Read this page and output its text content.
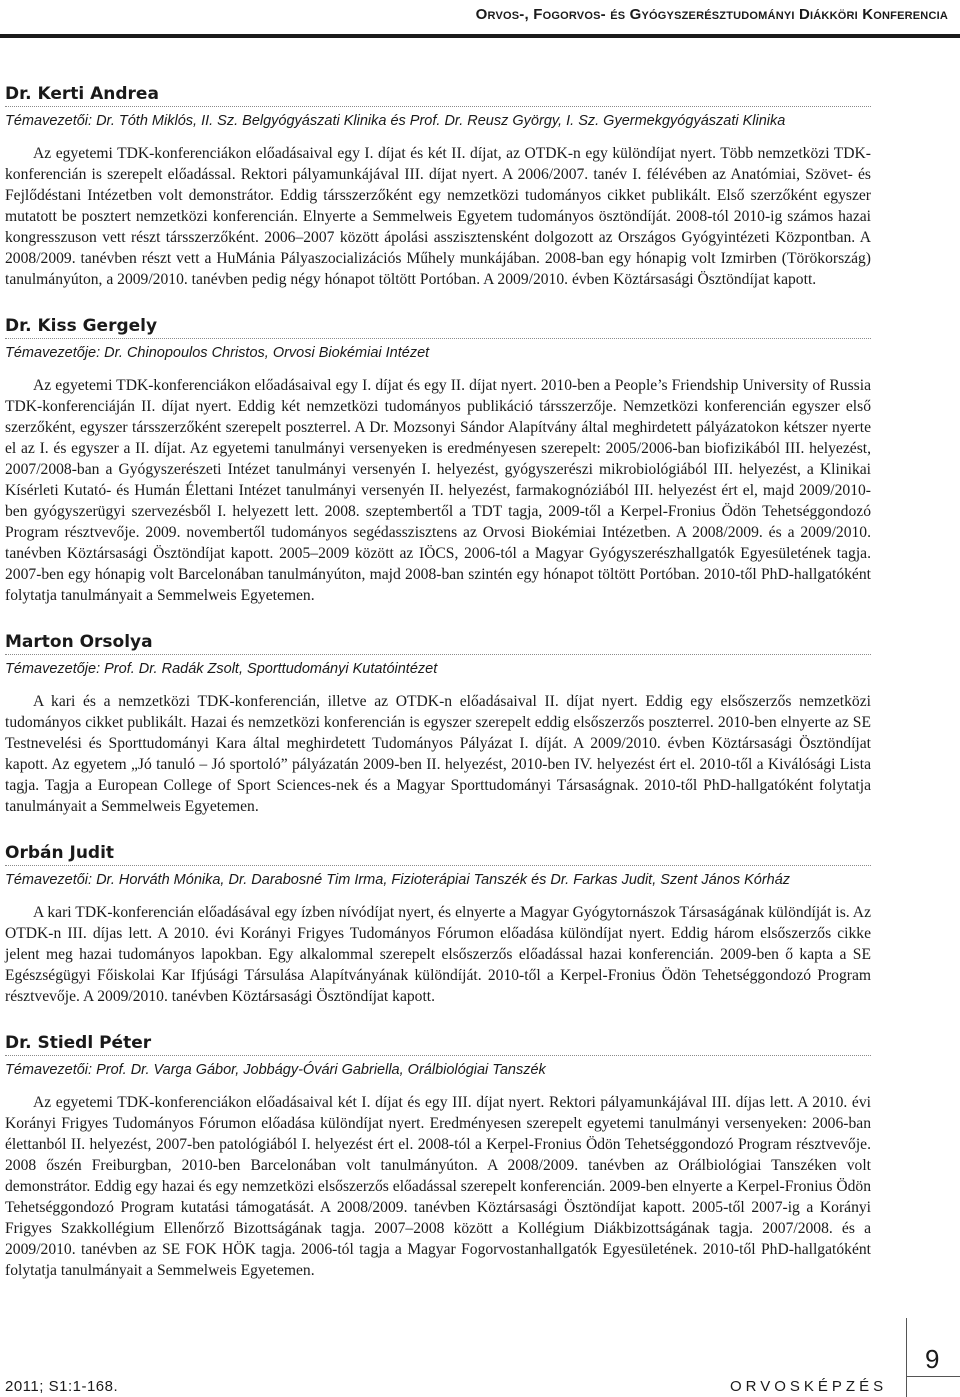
Orvos-, Fogorvos- és Gyógyszerésztudományi Diákköri Konferencia
Dr. Kerti Andrea
Témavezetői: Dr. Tóth Miklós, II. Sz. Belgyógyászati Klinika és Prof. Dr. Reusz György, I. Sz. Gyermekgyógyászati Klinika

Az egyetemi TDK-konferenciákon előadásaival egy I. díjat és két II. díjat, az OTDK-n egy különdíjat nyert. Több nemzetközi TDK-konferencián is szerepelt előadással. Rektori pályamunkájával III. díjat nyert. A 2006/2007. tanév I. félévében az Anatómiai, Szövet- és Fejlődéstani Intézetben volt demonstrátor. Eddig társszerzőként egy nemzetközi tudományos cikket publikált. Első szerzőként egyszer mutatott be posztert nemzetközi konferencián. Elnyerte a Semmelweis Egyetem tudományos ösztöndíját. 2008-tól 2010-ig számos hazai kongresszuson vett részt társszerzőként. 2006–2007 között ápolási asszisztensként dolgozott az Országos Gyógyintézeti Központban. A 2008/2009. tanévben részt vett a HuMánia Pályaszocializációs Műhely munkájában. 2008-ban egy hónapig volt Izmirben (Törökország) tanulmányúton, a 2009/2010. tanévben pedig négy hónapot töltött Portóban. A 2009/2010. évben Köztársasági Ösztöndíjat kapott.

Dr. Kiss Gergely
Témavezetője: Dr. Chinopoulos Christos, Orvosi Biokémiai Intézet

Az egyetemi TDK-konferenciákon előadásaival egy I. díjat és egy II. díjat nyert. 2010-ben a People’s Friendship University of Russia TDK-konferenciáján II. díjat nyert. Eddig két nemzetközi tudományos publikáció társszerzője. Nemzetközi konferencián egyszer első szerzőként, egyszer társszerzőként szerepelt poszterrel. A Dr. Mozsonyi Sándor Alapítvány által meghirdetett pályázatokon kétszer nyerte el az I. és egyszer a II. díjat. Az egyetemi tanulmányi versenyeken is eredményesen szerepelt: 2005/2006-ban biofizikából III. helyezést, 2007/2008-ban a Gyógyszerészeti Intézet tanulmányi versenyén I. helyezést, gyógyszerészi mikrobiológiából III. helyezést, a Klinikai Kísérleti Kutató- és Humán Élettani Intézet tanulmányi versenyén II. helyezést, farmakognóziából III. helyezést ért el, majd 2009/2010-ben gyógyszerügyi szervezésből I. helyezett lett. 2008. szeptembertől a TDT tagja, 2009-től a Kerpel-Fronius Ödön Tehetséggondozó Program résztvevője. 2009. novembertől tudományos segédasszisztens az Orvosi Biokémiai Intézetben. A 2008/2009. és a 2009/2010. tanévben Köztársasági Ösztöndíjat kapott. 2005–2009 között az IÖCS, 2006-tól a Magyar Gyógyszerészhallgatók Egyesületének tagja. 2007-ben egy hónapig volt Barcelonában tanulmányúton, majd 2008-ban szintén egy hónapot töltött Portóban. 2010-től PhD-hallgatóként folytatja tanulmányait a Semmelweis Egyetemen.

Marton Orsolya
Témavezetője: Prof. Dr. Radák Zsolt, Sporttudományi Kutatóintézet

A kari és a nemzetközi TDK-konferencián, illetve az OTDK-n előadásaival II. díjat nyert. Eddig egy elsőszerzős nemzetközi tudományos cikket publikált. Hazai és nemzetközi konferencián is egyszer szerepelt eddig elsőszerzős poszterrel. 2010-ben elnyerte az SE Testnevelési és Sporttudományi Kara által meghirdetett Tudományos Pályázat I. díját. A 2009/2010. évben Köztársasági Ösztöndíjat kapott. Az egyetem „Jó tanuló – Jó sportoló” pályázatán 2009-ben II. helyezést, 2010-ben IV. helyezést ért el. 2010-től a Kiválósági Lista tagja. Tagja a European College of Sport Sciences-nek és a Magyar Sporttudományi Társaságnak. 2010-től PhD-hallgatóként folytatja tanulmányait a Semmelweis Egyetemen.

Orbán Judit
Témavezetői: Dr. Horváth Mónika, Dr. Darabosné Tim Irma, Fizioterápiai Tanszék és Dr. Farkas Judit, Szent János Kórház

A kari TDK-konferencián előadásával egy ízben nívódíjat nyert, és elnyerte a Magyar Gyógytornászok Társaságának különdíját is. Az OTDK-n III. díjas lett. A 2010. évi Korányi Frigyes Tudományos Fórumon előadása különdíjat nyert. Eddig három elsőszerzős cikke jelent meg hazai tudományos lapokban. Egy alkalommal szerepelt elsőszerzős előadással hazai konferencián. 2009-ben ő kapta a SE Egészségügyi Főiskolai Kar Ifjúsági Társulása Alapítványának különdíját. 2010-től a Kerpel-Fronius Ödön Tehetséggondozó Program résztvevője. A 2009/2010. tanévben Köztársasági Ösztöndíjat kapott.

Dr. Stiedl Péter
Témavezetői: Prof. Dr. Varga Gábor, Jobbágy-Óvári Gabriella, Orálbiológiai Tanszék

Az egyetemi TDK-konferenciákon előadásaival két I. díjat és egy III. díjat nyert. Rektori pályamunkájával III. díjas lett. A 2010. évi Korányi Frigyes Tudományos Fórumon előadása különdíjat nyert. Eredményesen szerepelt egyetemi tanulmányi versenyeken: 2006-ban élettanból II. helyezést, 2007-ben patológiából I. helyezést ért el. 2008-tól a Kerpel-Fronius Ödön Tehetséggondozó Program résztvevője. 2008 őszén Freiburgban, 2010-ben Barcelonában volt tanulmányúton. A 2008/2009. tanévben az Orálbiológiai Tanszéken volt demonstrátor. Eddig egy hazai és egy nemzetközi elsőszerzős előadással szerepelt konferencián. 2009-ben elnyerte a Kerpel-Fronius Ödön Tehetséggondozó Program kutatási támogatását. A 2008/2009. tanévben Köztársasági Ösztöndíjat kapott. 2005-től 2007-ig a Korányi Frigyes Szakkollégium Ellenőrző Bizottságának tagja. 2007–2008 között a Kollégium Diákbizottságának tagja. 2007/2008. és a 2009/2010. tanévben az SE FOK HÖK tagja. 2006-tól tagja a Magyar Fogorvostanhallgatók Egyesületének. 2010-től PhD-hallgatóként folytatja tanulmányait a Semmelweis Egyetemen.

9
2011; S1:1-168.	ORVOSKÉPZÉS
